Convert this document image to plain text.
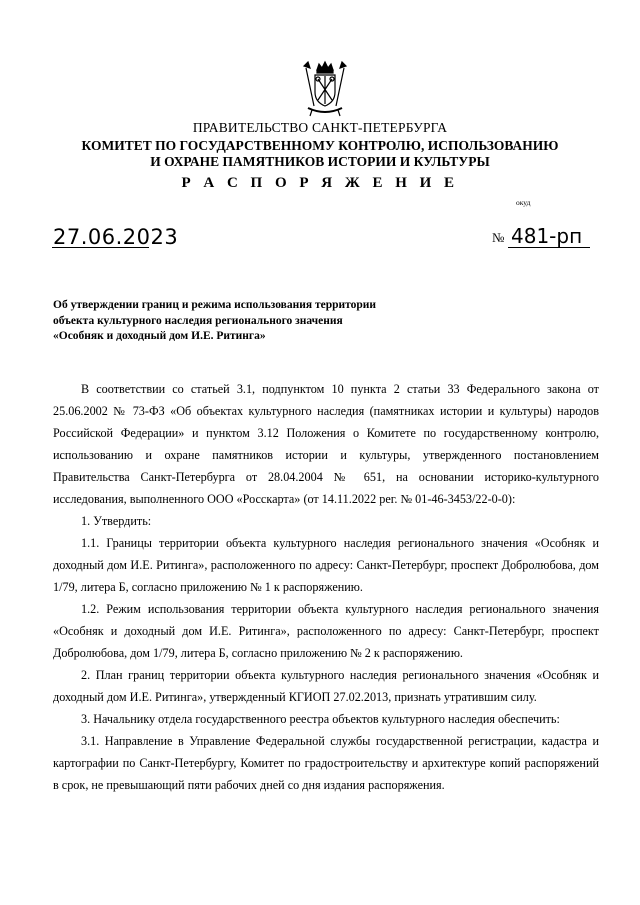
ПРАВИТЕЛЬСТВО САНКТ-ПЕТЕРБУРГА
КОМИТЕТ ПО ГОСУДАРСТВЕННОМУ КОНТРОЛЮ, ИСПОЛЬЗОВАНИЮ
И ОХРАНЕ ПАМЯТНИКОВ ИСТОРИИ И КУЛЬТУРЫ
Р А С П О Р Я Ж Е Н И Е
окуд
27.06.2023	№ 481-рп
Об утверждении границ и режима использования территории
объекта культурного наследия регионального значения
«Особняк и доходный дом И.Е. Ритинга»

В соответствии со статьей 3.1, подпунктом 10 пункта 2 статьи 33 Федерального закона от 25.06.2002 № 73-ФЗ «Об объектах культурного наследия (памятниках истории и культуры) народов Российской Федерации» и пунктом 3.12 Положения о Комитете по государственному контролю, использованию и охране памятников истории и культуры, утвержденного постановлением Правительства Санкт-Петербурга от 28.04.2004 № 651, на основании историко-культурного исследования, выполненного ООО «Росскарта» (от 14.11.2022 рег. № 01-46-3453/22-0-0):

1. Утвердить:

1.1. Границы территории объекта культурного наследия регионального значения «Особняк и доходный дом И.Е. Ритинга», расположенного по адресу: Санкт-Петербург, проспект Добролюбова, дом 1/79, литера Б, согласно приложению № 1 к распоряжению.

1.2. Режим использования территории объекта культурного наследия регионального значения «Особняк и доходный дом И.Е. Ритинга», расположенного по адресу: Санкт-Петербург, проспект Добролюбова, дом 1/79, литера Б, согласно приложению № 2 к распоряжению.

2. План границ территории объекта культурного наследия регионального значения «Особняк и доходный дом И.Е. Ритинга», утвержденный КГИОП 27.02.2013, признать утратившим силу.

3. Начальнику отдела государственного реестра объектов культурного наследия обеспечить:

3.1. Направление в Управление Федеральной службы государственной регистрации, кадастра и картографии по Санкт-Петербургу, Комитет по градостроительству и архитектуре копий распоряжений в срок, не превышающий пяти рабочих дней со дня издания распоряжения.
